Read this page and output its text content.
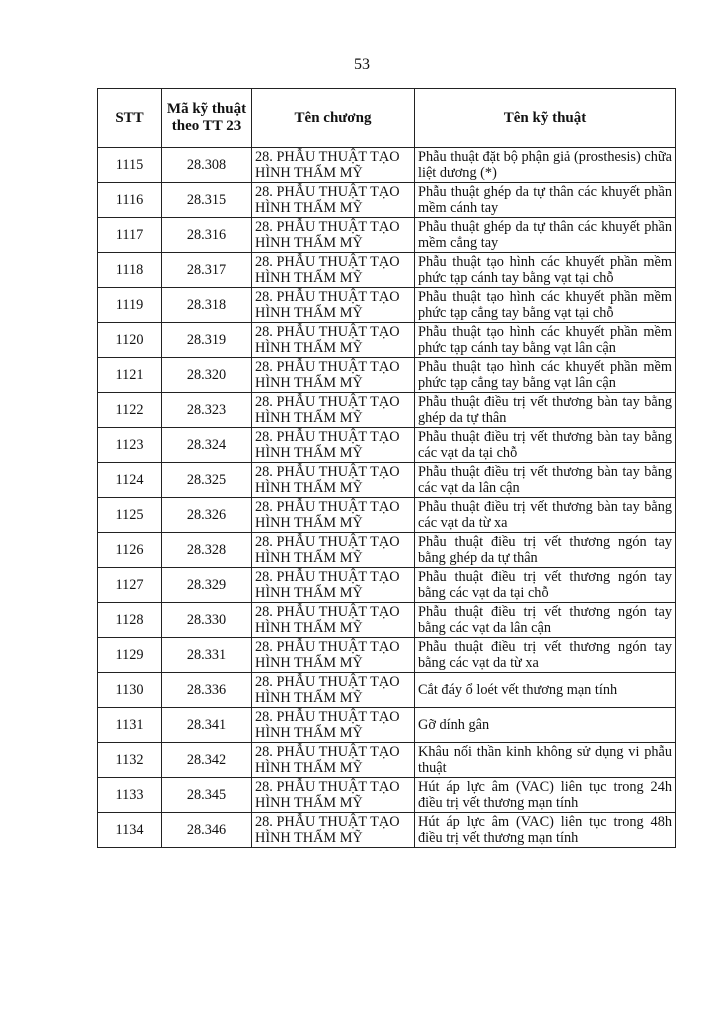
53
STT	Mã kỹ thuật theo TT 23	Tên chương	Tên kỹ thuật
1115	28.308	28. PHẪU THUẬT TẠO HÌNH THẨM MỸ	Phẫu thuật đặt bộ phận giả (prosthesis) chữa liệt dương (*)
1116	28.315	28. PHẪU THUẬT TẠO HÌNH THẨM MỸ	Phẫu thuật ghép da tự thân các khuyết phần mềm cánh tay
1117	28.316	28. PHẪU THUẬT TẠO HÌNH THẨM MỸ	Phẫu thuật ghép da tự thân các khuyết phần mềm cẳng tay
1118	28.317	28. PHẪU THUẬT TẠO HÌNH THẨM MỸ	Phẫu thuật tạo hình các khuyết phần mềm phức tạp cánh tay bằng vạt tại chỗ
1119	28.318	28. PHẪU THUẬT TẠO HÌNH THẨM MỸ	Phẫu thuật tạo hình các khuyết phần mềm phức tạp cẳng tay bằng vạt tại chỗ
1120	28.319	28. PHẪU THUẬT TẠO HÌNH THẨM MỸ	Phẫu thuật tạo hình các khuyết phần mềm phức tạp cánh tay bằng vạt lân cận
1121	28.320	28. PHẪU THUẬT TẠO HÌNH THẨM MỸ	Phẫu thuật tạo hình các khuyết phần mềm phức tạp cẳng tay bằng vạt lân cận
1122	28.323	28. PHẪU THUẬT TẠO HÌNH THẨM MỸ	Phẫu thuật điều trị vết thương bàn tay bằng ghép da tự thân
1123	28.324	28. PHẪU THUẬT TẠO HÌNH THẨM MỸ	Phẫu thuật điều trị vết thương bàn tay bằng các vạt da tại chỗ
1124	28.325	28. PHẪU THUẬT TẠO HÌNH THẨM MỸ	Phẫu thuật điều trị vết thương bàn tay bằng các vạt da lân cận
1125	28.326	28. PHẪU THUẬT TẠO HÌNH THẨM MỸ	Phẫu thuật điều trị vết thương bàn tay bằng các vạt da từ xa
1126	28.328	28. PHẪU THUẬT TẠO HÌNH THẨM MỸ	Phẫu thuật điều trị vết thương ngón tay bằng ghép da tự thân
1127	28.329	28. PHẪU THUẬT TẠO HÌNH THẨM MỸ	Phẫu thuật điều trị vết thương ngón tay bằng các vạt da tại chỗ
1128	28.330	28. PHẪU THUẬT TẠO HÌNH THẨM MỸ	Phẫu thuật điều trị vết thương ngón tay bằng các vạt da lân cận
1129	28.331	28. PHẪU THUẬT TẠO HÌNH THẨM MỸ	Phẫu thuật điều trị vết thương ngón tay bằng các vạt da từ xa
1130	28.336	28. PHẪU THUẬT TẠO HÌNH THẨM MỸ	Cắt đáy ổ loét vết thương mạn tính
1131	28.341	28. PHẪU THUẬT TẠO HÌNH THẨM MỸ	Gỡ dính gân
1132	28.342	28. PHẪU THUẬT TẠO HÌNH THẨM MỸ	Khâu nối thần kinh không sử dụng vi phẫu thuật
1133	28.345	28. PHẪU THUẬT TẠO HÌNH THẨM MỸ	Hút áp lực âm (VAC) liên tục trong 24h điều trị vết thương mạn tính
1134	28.346	28. PHẪU THUẬT TẠO HÌNH THẨM MỸ	Hút áp lực âm (VAC) liên tục trong 48h điều trị vết thương mạn tính
